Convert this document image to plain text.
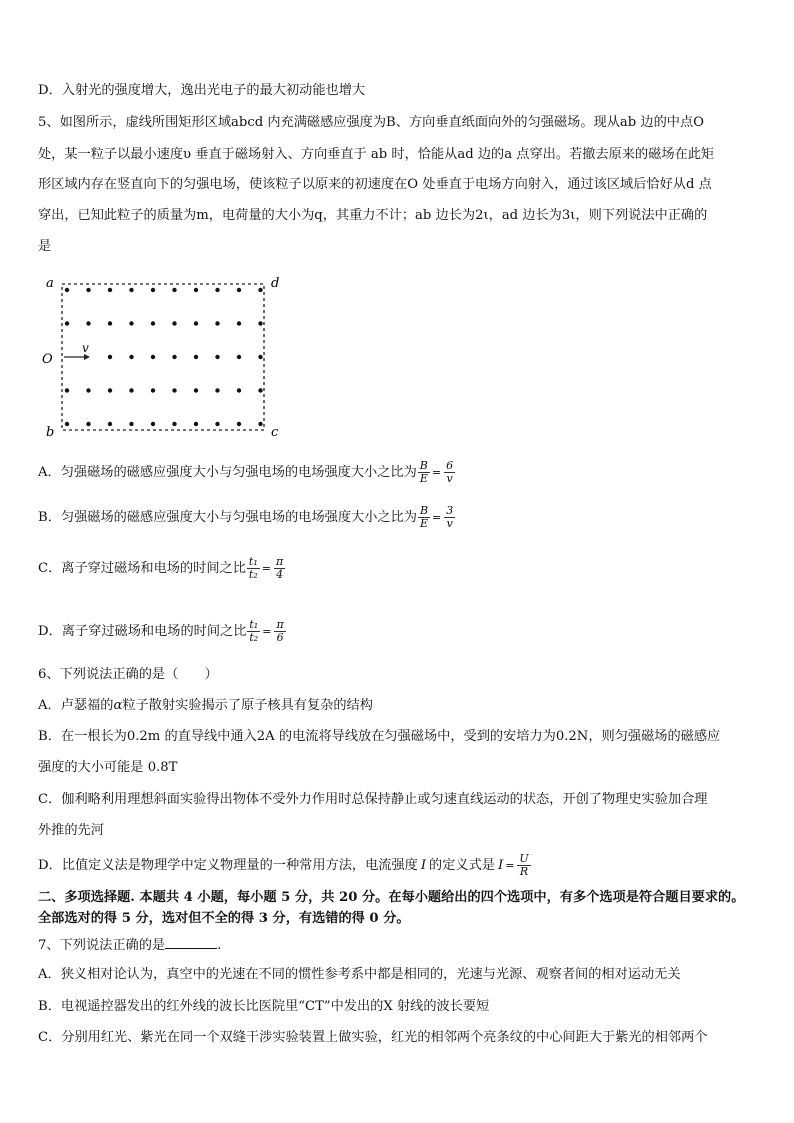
D．入射光的强度增大，逸出光电子的最大初动能也增大
5、如图所示，虚线所围矩形区域abcd 内充满磁感应强度为B、方向垂直纸面向外的匀强磁场。现从ab 边的中点O
处，某一粒子以最小速度υ 垂直于磁场射入、方向垂直于 ab 时，恰能从ad 边的a 点穿出。若撤去原来的磁场在此矩
形区域内存在竖直向下的匀强电场，使该粒子以原来的初速度在O 处垂直于电场方向射入，通过该区域后恰好从d 点
穿出，已知此粒子的质量为m，电荷量的大小为q，其重力不计；ab 边长为2ι，ad 边长为3ι，则下列说法中正确的
是
a	d
b	c
O
v
A．匀强磁场的磁感应强度大小与匀强电场的电场强度大小之比为 $\frac{B}{E} = \frac{6}{v}$
B．匀强磁场的磁感应强度大小与匀强电场的电场强度大小之比为 $\frac{B}{E} = \frac{3}{v}$
C．离子穿过磁场和电场的时间之比 $\frac{\text{t₁}}{\text{t₂}} = \frac{\pi}{4}$
D．离子穿过磁场和电场的时间之比 $\frac{\text{t₁}}{\text{t₂}} = \frac{\pi}{6}$
6、下列说法正确的是（　　）
A．卢瑟福的α粒子散射实验揭示了原子核具有复杂的结构
B．在一根长为0.2m 的直导线中通入2A 的电流将导线放在匀强磁场中，受到的安培力为0.2N，则匀强磁场的磁感应
强度的大小可能是 0.8T
C．伽利略利用理想斜面实验得出物体不受外力作用时总保持静止或匀速直线运动的状态，开创了物理史实验加合理
外推的先河
D．比值定义法是物理学中定义物理量的一种常用方法，电流强度 I 的定义式是 $I = \frac{U}{R}$
二、多项选择题. 本题共 4 小题，每小题 5 分，共 20 分。在每小题给出的四个选项中，有多个选项是符合题目要求的。
全部选对的得 5 分，选对但不全的得 3 分，有选错的得 0 分。
7、下列说法正确的是	.
A．狭义相对论认为，真空中的光速在不同的惯性参考系中都是相同的，光速与光源、观察者间的相对运动无关
B．电视遥控器发出的红外线的波长比医院里“CT”中发出的X 射线的波长要短
C．分别用红光、紫光在同一个双缝干涉实验装置上做实验，红光的相邻两个亮条纹的中心间距大于紫光的相邻两个
